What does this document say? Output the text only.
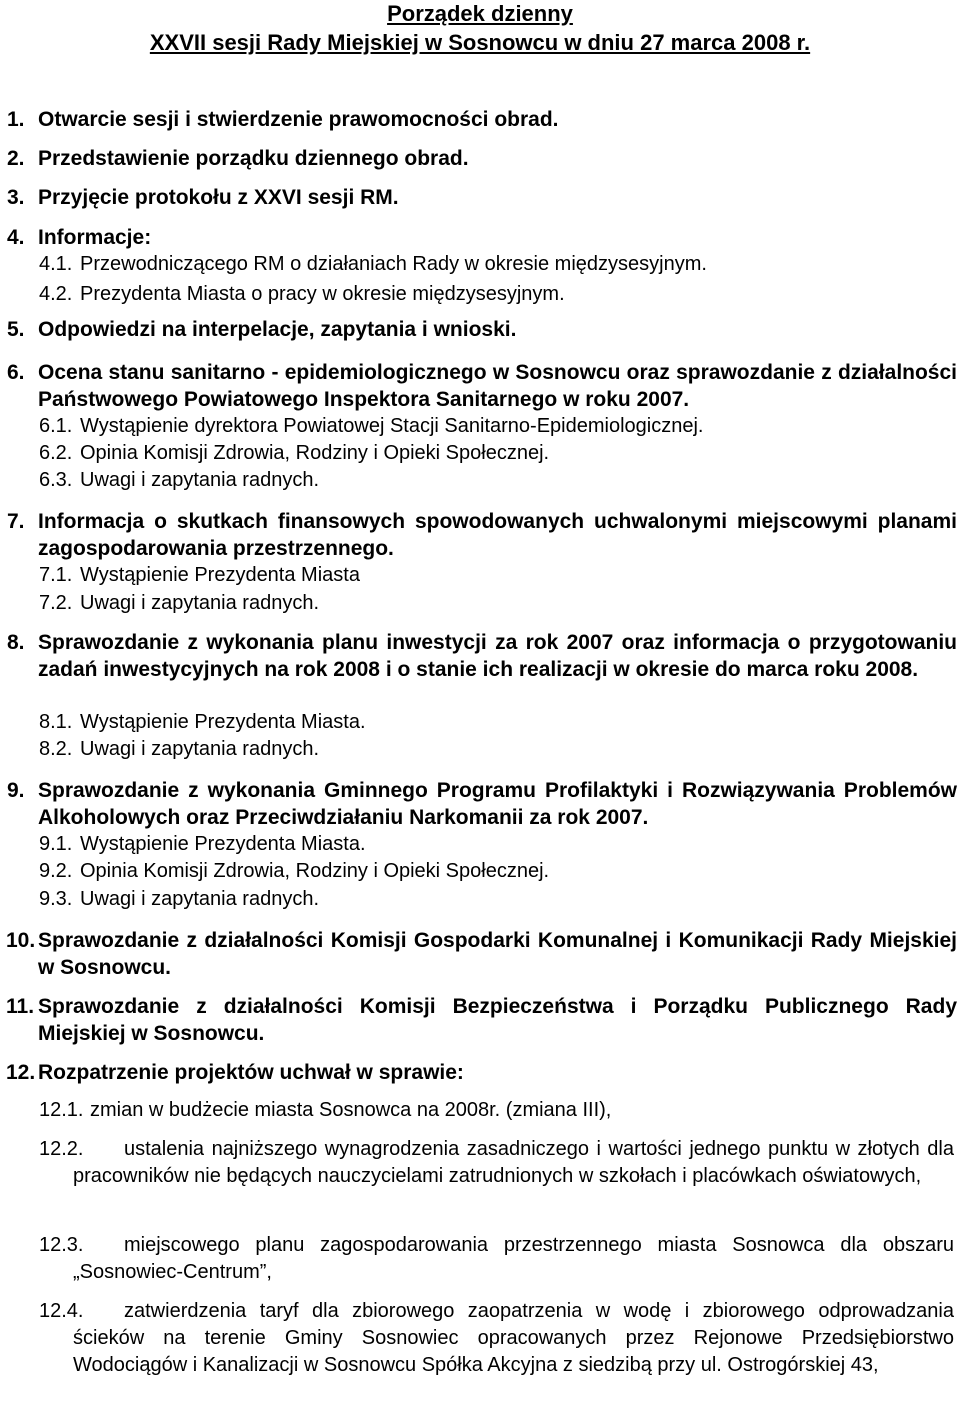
Porządek dzienny
XXVII sesji Rady Miejskiej w Sosnowcu w dniu 27 marca 2008 r.
1. Otwarcie sesji i stwierdzenie prawomocności obrad.
2. Przedstawienie porządku dziennego obrad.
3. Przyjęcie protokołu z XXVI sesji RM.
4. Informacje:
4.1. Przewodniczącego RM o działaniach Rady w okresie międzysesyjnym.
4.2. Prezydenta Miasta o pracy w okresie międzysesyjnym.
5. Odpowiedzi na interpelacje, zapytania i wnioski.
6. Ocena stanu sanitarno - epidemiologicznego w Sosnowcu oraz sprawozdanie z działalności Państwowego Powiatowego Inspektora Sanitarnego w roku 2007.
6.1. Wystąpienie dyrektora Powiatowej Stacji Sanitarno-Epidemiologicznej.
6.2. Opinia Komisji Zdrowia, Rodziny i Opieki Społecznej.
6.3. Uwagi i zapytania radnych.
7. Informacja o skutkach finansowych spowodowanych uchwalonymi miejscowymi planami zagospodarowania przestrzennego.
7.1. Wystąpienie Prezydenta Miasta
7.2. Uwagi i zapytania radnych.
8. Sprawozdanie z wykonania planu inwestycji za rok 2007 oraz informacja o przygotowaniu zadań inwestycyjnych na rok 2008 i o stanie ich realizacji w okresie do marca roku 2008.
8.1. Wystąpienie Prezydenta Miasta.
8.2. Uwagi i zapytania radnych.
9. Sprawozdanie z wykonania Gminnego Programu Profilaktyki i Rozwiązywania Problemów Alkoholowych oraz Przeciwdziałaniu Narkomanii za rok 2007.
9.1. Wystąpienie Prezydenta Miasta.
9.2. Opinia Komisji Zdrowia, Rodziny i Opieki Społecznej.
9.3. Uwagi i zapytania radnych.
10. Sprawozdanie z działalności Komisji Gospodarki Komunalnej i Komunikacji Rady Miejskiej w Sosnowcu.
11. Sprawozdanie z działalności Komisji Bezpieczeństwa i Porządku Publicznego Rady Miejskiej w Sosnowcu.
12. Rozpatrzenie projektów uchwał w sprawie:
12.1. zmian w budżecie miasta Sosnowca na 2008r. (zmiana III),
12.2.	ustalenia najniższego wynagrodzenia zasadniczego i wartości jednego punktu w złotych dla pracowników nie będących nauczycielami zatrudnionych w szkołach i placówkach oświatowych,
12.3.	miejscowego planu zagospodarowania przestrzennego miasta Sosnowca dla obszaru „Sosnowiec-Centrum”,
12.4.	zatwierdzenia taryf dla zbiorowego zaopatrzenia w wodę i zbiorowego odprowadzania ścieków na terenie Gminy Sosnowiec opracowanych przez Rejonowe Przedsiębiorstwo Wodociągów i Kanalizacji w Sosnowcu Spółka Akcyjna z siedzibą przy ul. Ostrogórskiej 43,
